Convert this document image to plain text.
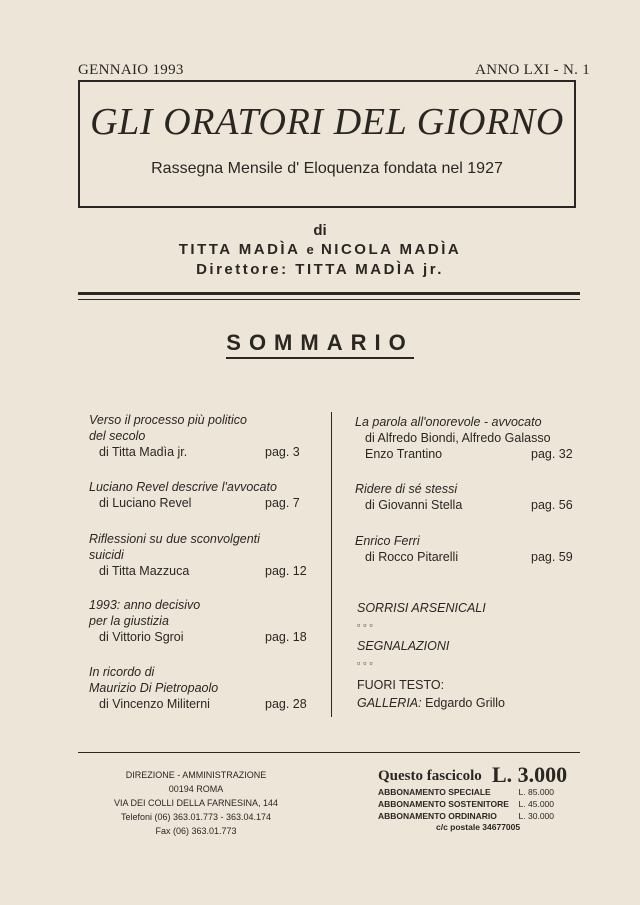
GENNAIO 1993	ANNO LXI - N. 1
GLI ORATORI DEL GIORNO
Rassegna Mensile d' Eloquenza fondata nel 1927
di
TITTA MADÌA e NICOLA MADÌA
Direttore: TITTA MADÌA jr.
SOMMARIO
Verso il processo più politico
del secolo
di Titta Madìa jr.	pag. 3
Luciano Revel descrive l'avvocato
di Luciano Revel	pag. 7
Riflessioni su due sconvolgenti
suicidi
di Titta Mazzuca	pag. 12
1993: anno decisivo
per la giustizia
di Vittorio Sgroi	pag. 18
In ricordo di
Maurizio Di Pietropaolo
di Vincenzo Militerni	pag. 28
La parola all'onorevole - avvocato
di Alfredo Biondi, Alfredo Galasso
Enzo Trantino	pag. 32
Ridere di sé stessi
di Giovanni Stella	pag. 56
Enrico Ferri
di Rocco Pitarelli	pag. 59
SORRISI ARSENICALI
▫▫▫
SEGNALAZIONI
▫▫▫
FUORI TESTO:
GALLERIA: Edgardo Grillo
DIREZIONE - AMMINISTRAZIONE
00194 ROMA
VIA DEI COLLI DELLA FARNESINA, 144
Telefoni (06) 363.01.773 - 363.04.174
Fax (06) 363.01.773
Questo fascicolo L. 3.000
ABBONAMENTO SPECIALE	L. 85.000
ABBONAMENTO SOSTENITORE L. 45.000
ABBONAMENTO ORDINARIO	L. 30.000
c/c postale 34677005
